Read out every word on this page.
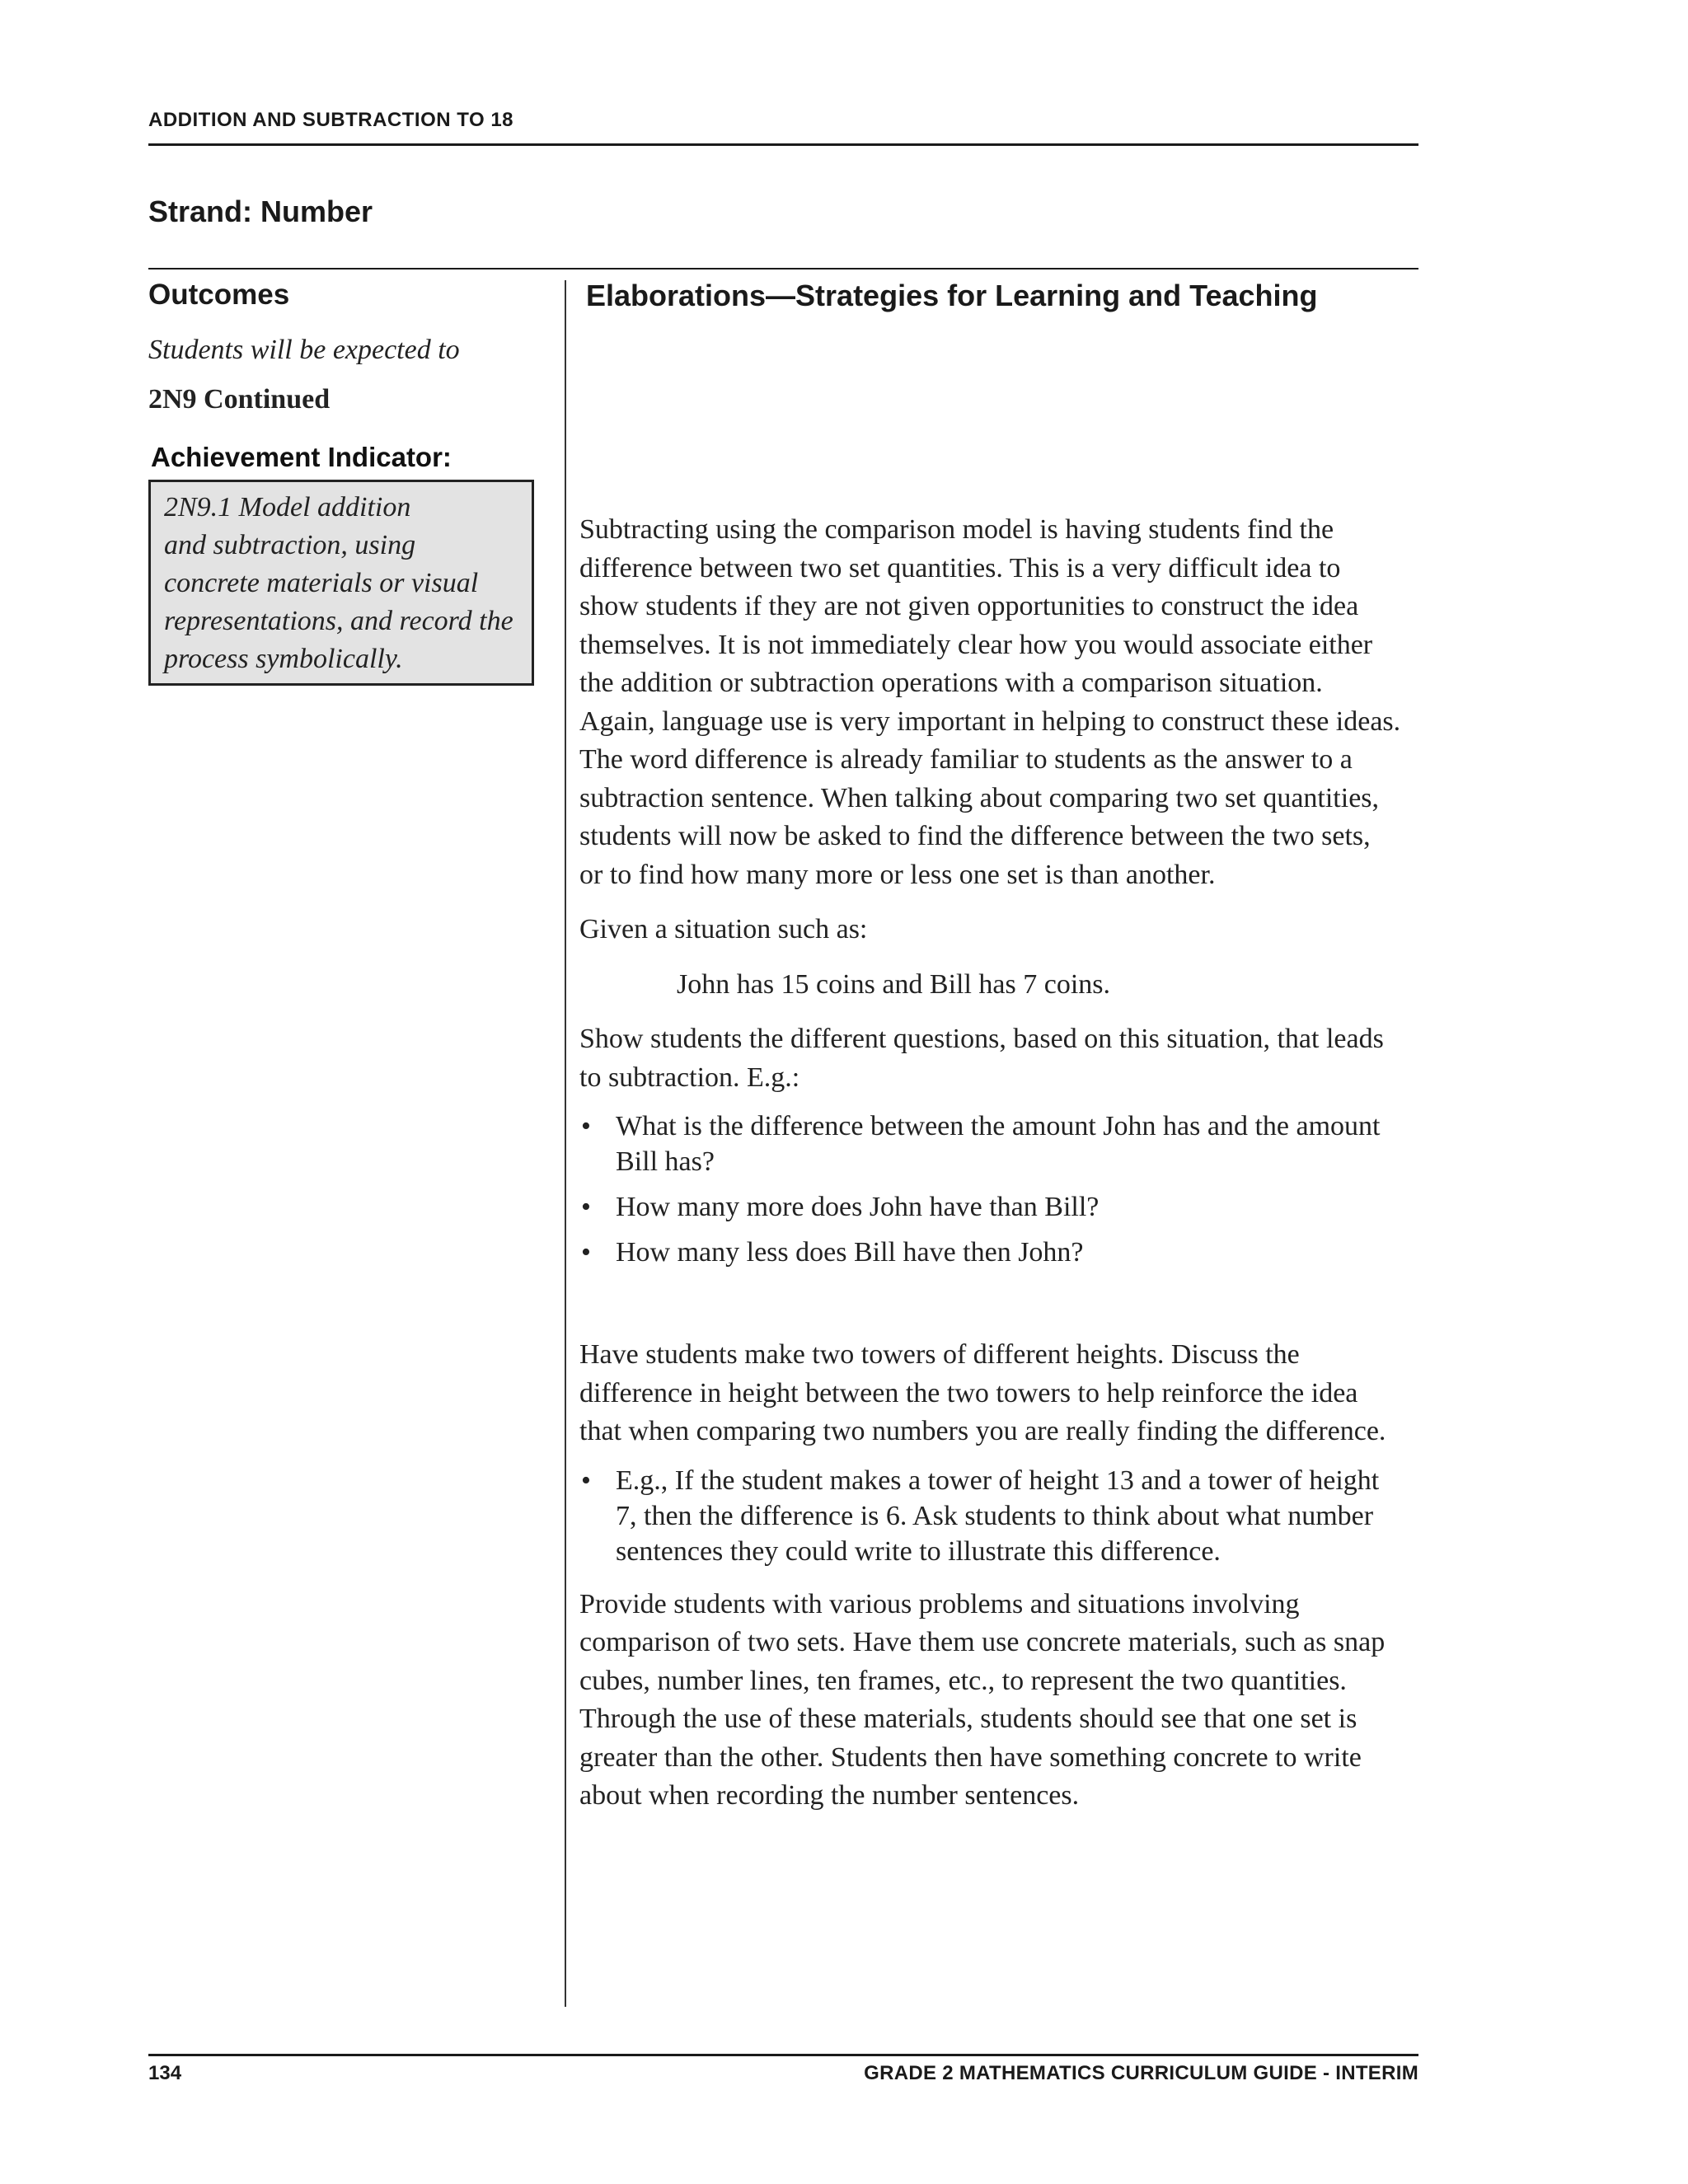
ADDITION AND SUBTRACTION TO 18
Strand: Number
Outcomes
Students will be expected to
2N9 Continued
Achievement Indicator:
2N9.1 Model addition
and subtraction, using
concrete materials or visual
representations, and record the
process symbolically.
Elaborations—Strategies for Learning and Teaching
Subtracting using the comparison model is having students find the
difference between two set quantities. This is a very difficult idea to
show students if they are not given opportunities to construct the idea
themselves. It is not immediately clear how you would associate either
the addition or subtraction operations with a comparison situation.
Again, language use is very important in helping to construct these ideas.
The word difference is already familiar to students as the answer to a
subtraction sentence. When talking about comparing two set quantities,
students will now be asked to find the difference between the two sets,
or to find how many more or less one set is than another.
Given a situation such as:
John has 15 coins and Bill has 7 coins.
Show students the different questions, based on this situation, that leads
to subtraction. E.g.:
• What is the difference between the amount John has and the amount
Bill has?
• How many more does John have than Bill?
• How many less does Bill have then John?
Have students make two towers of different heights. Discuss the
difference in height between the two towers to help reinforce the idea
that when comparing two numbers you are really finding the difference.
• E.g., If the student makes a tower of height 13 and a tower of height
7, then the difference is 6. Ask students to think about what number
sentences they could write to illustrate this difference.
Provide students with various problems and situations involving
comparison of two sets. Have them use concrete materials, such as snap
cubes, number lines, ten frames, etc., to represent the two quantities.
Through the use of these materials, students should see that one set is
greater than the other. Students then have something concrete to write
about when recording the number sentences.
134	GRADE 2 MATHEMATICS CURRICULUM GUIDE - INTERIM
